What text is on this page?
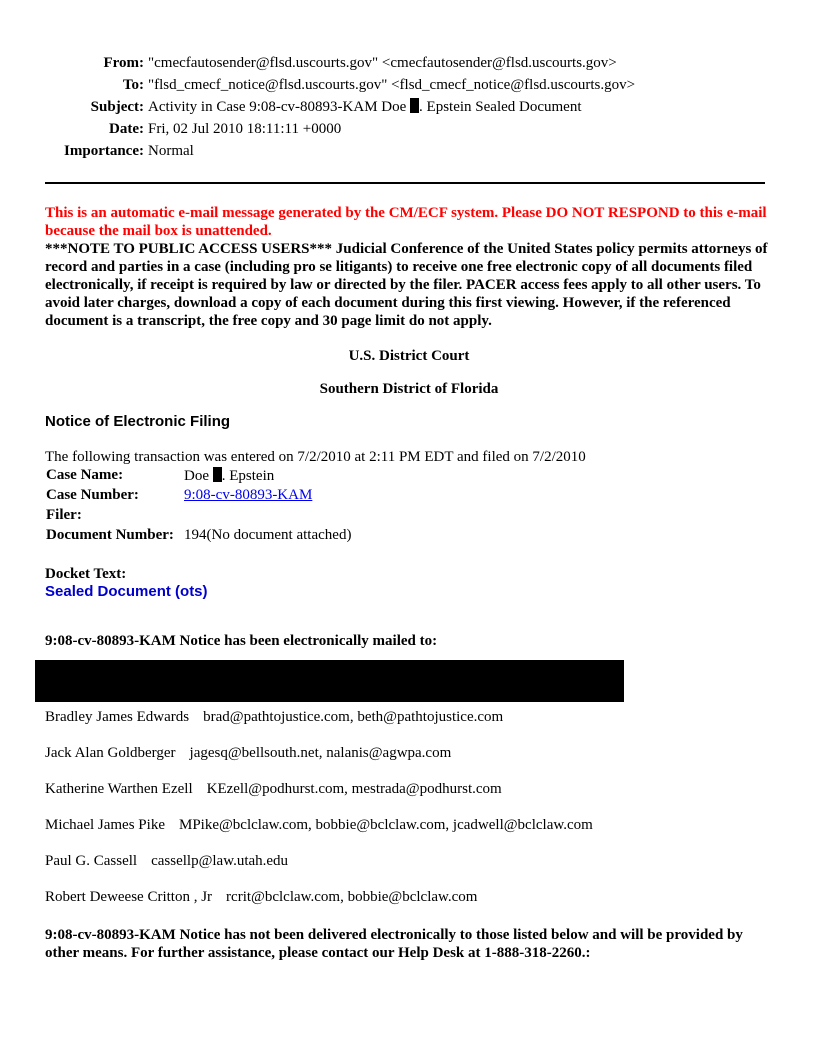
From: "cmecfautosender@flsd.uscourts.gov" <cmecfautosender@flsd.uscourts.gov>
To: "flsd_cmecf_notice@flsd.uscourts.gov" <flsd_cmecf_notice@flsd.uscourts.gov>
Subject: Activity in Case 9:08-cv-80893-KAM Doe . Epstein Sealed Document
Date: Fri, 02 Jul 2010 18:11:11 +0000
Importance: Normal
This is an automatic e-mail message generated by the CM/ECF system. Please DO NOT RESPOND to this e-mail because the mail box is unattended.
***NOTE TO PUBLIC ACCESS USERS*** Judicial Conference of the United States policy permits attorneys of record and parties in a case (including pro se litigants) to receive one free electronic copy of all documents filed electronically, if receipt is required by law or directed by the filer. PACER access fees apply to all other users. To avoid later charges, download a copy of each document during this first viewing. However, if the referenced document is a transcript, the free copy and 30 page limit do not apply.
U.S. District Court
Southern District of Florida
Notice of Electronic Filing
The following transaction was entered on 7/2/2010 at 2:11 PM EDT and filed on 7/2/2010
Case Name:	Doe . Epstein
Case Number:	9:08-cv-80893-KAM
Filer:	
Document Number:	194(No document attached)
Docket Text:
Sealed Document (ots)
9:08-cv-80893-KAM Notice has been electronically mailed to:
Bradley James Edwards brad@pathtojustice.com, beth@pathtojustice.com
Jack Alan Goldberger jagesq@bellsouth.net, nalanis@agwpa.com
Katherine Warthen Ezell KEzell@podhurst.com, mestrada@podhurst.com
Michael James Pike MPike@bclclaw.com, bobbie@bclclaw.com, jcadwell@bclclaw.com
Paul G. Cassell cassellp@law.utah.edu
Robert Deweese Critton , Jr rcrit@bclclaw.com, bobbie@bclclaw.com
9:08-cv-80893-KAM Notice has not been delivered electronically to those listed below and will be provided by other means. For further assistance, please contact our Help Desk at 1-888-318-2260.:
